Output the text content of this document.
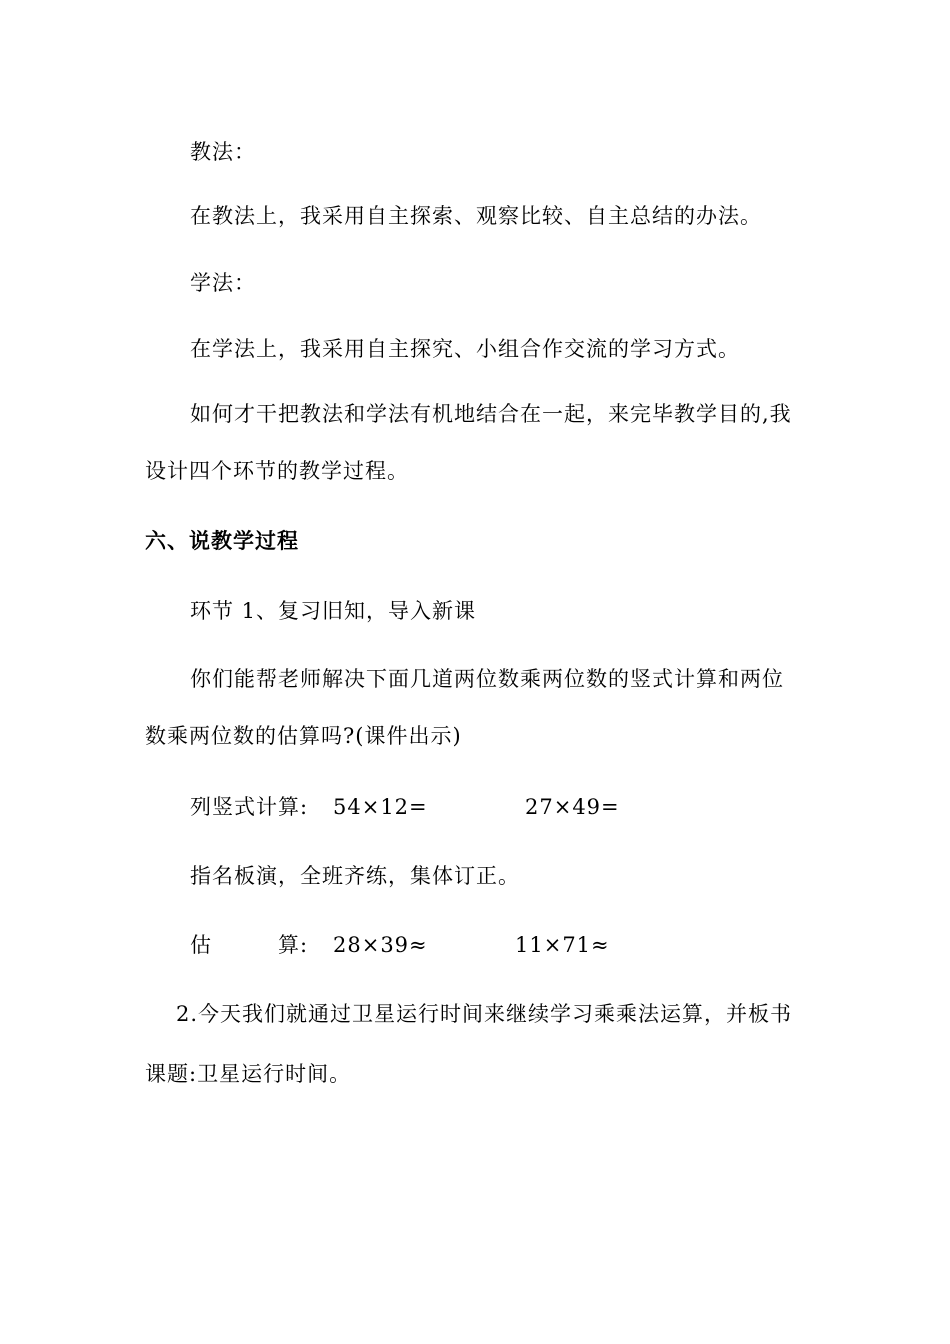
教法：
在教法上，我采用自主探索、观察比较、自主总结的办法。
学法：
在学法上，我采用自主探究、小组合作交流的学习方式。
如何才干把教法和学法有机地结合在一起，来完毕教学目的,我
设计四个环节的教学过程。
六、说教学过程
环节 1、复习旧知，导入新课
你们能帮老师解决下面几道两位数乘两位数的竖式计算和两位
数乘两位数的估算吗?(课件出示)
列竖式计算: 54×12=	27×49=
指名板演，全班齐练，集体订正。
估	算: 28×39≈	11×71≈
2.今天我们就通过卫星运行时间来继续学习乘乘法运算，并板书
课题:卫星运行时间。
